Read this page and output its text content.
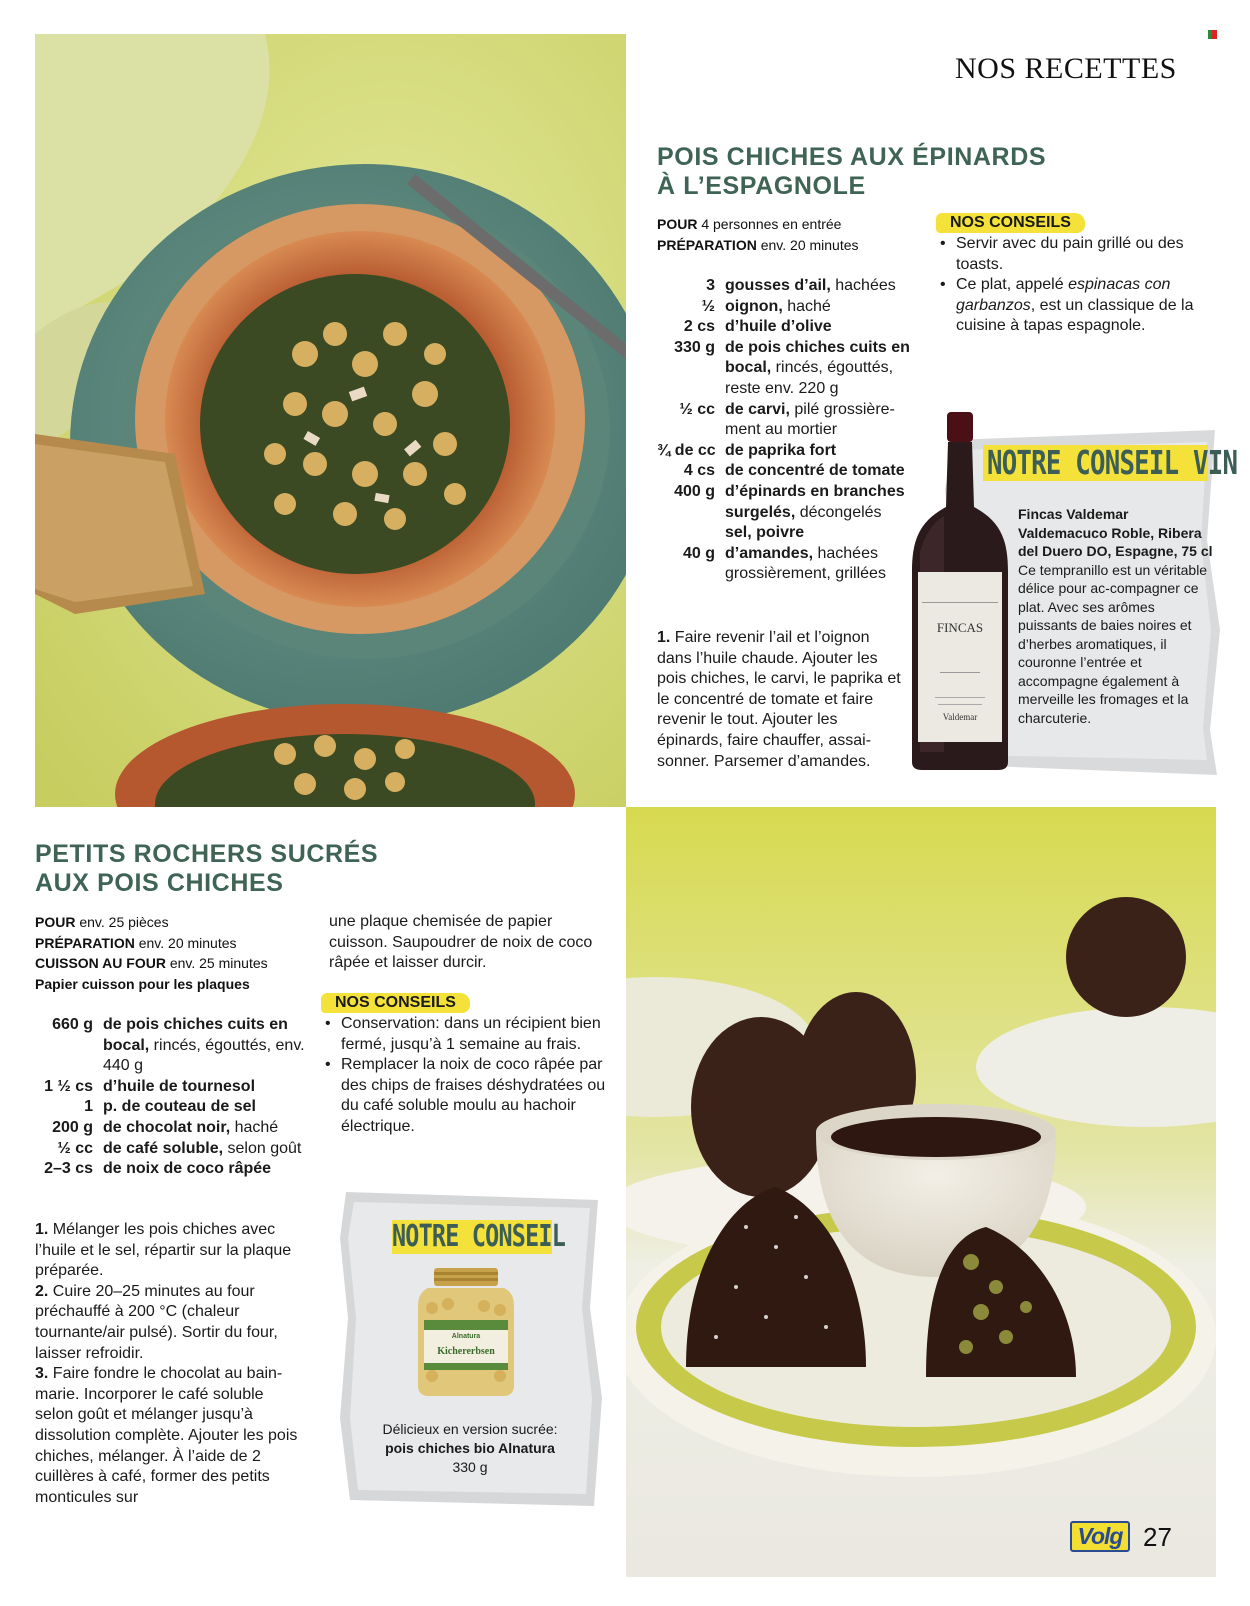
NOS RECETTES
POIS CHICHES AUX ÉPINARDS
À L’ESPAGNOLE
POUR 4 personnes en entrée
PRÉPARATION env. 20 minutes
3 gousses d’ail, hachées
½ oignon, haché
2 cs d’huile d’olive
330 g de pois chiches cuits en bocal, rincés, égouttés, reste env. 220 g
½ cc de carvi, pilé grossière-ment au mortier
¾ de cc de paprika fort
4 cs de concentré de tomate
400 g d’épinards en branches surgelés, décongelés
sel, poivre
40 g d’amandes, hachées grossièrement, grillées

1. Faire revenir l’ail et l’oignon dans l’huile chaude. Ajouter les pois chiches, le carvi, le paprika et le concentré de tomate et faire revenir le tout. Ajouter les épinards, faire chauffer, assai-sonner. Parsemer d’amandes.

NOS CONSEILS
• Servir avec du pain grillé ou des toasts.
• Ce plat, appelé espinacas con garbanzos, est un classique de la cuisine à tapas espagnole.
NOTRE CONSEIL VIN
FINCAS
Valdemar
Fincas Valdemar Valdemacuco Roble, Ribera del Duero DO, Espagne, 75 cl
Ce tempranillo est un véritable délice pour ac-compagner ce plat. Avec ses arômes puissants de baies noires et d’herbes aromatiques, il couronne l’entrée et accompagne également à merveille les fromages et la charcuterie.
PETITS ROCHERS SUCRÉS
AUX POIS CHICHES
POUR env. 25 pièces
PRÉPARATION env. 20 minutes
CUISSON AU FOUR env. 25 minutes
Papier cuisson pour les plaques
660 g de pois chiches cuits en bocal, rincés, égouttés, env. 440 g
1 ½ cs d’huile de tournesol
1 p. de couteau de sel
200 g de chocolat noir, haché
½ cc de café soluble, selon goût
2–3 cs de noix de coco râpée

1. Mélanger les pois chiches avec l’huile et le sel, répartir sur la plaque préparée.

2. Cuire 20–25 minutes au four préchauffé à 200 °C (chaleur tournante/air pulsé). Sortir du four, laisser refroidir.

3. Faire fondre le chocolat au bain-marie. Incorporer le café soluble selon goût et mélanger jusqu’à dissolution complète. Ajouter les pois chiches, mélanger. À l’aide de 2 cuillères à café, former des petits monticules sur

une plaque chemisée de papier cuisson. Saupoudrer de noix de coco râpée et laisser durcir.

NOS CONSEILS
• Conservation: dans un récipient bien fermé, jusqu’à 1 semaine au frais.
• Remplacer la noix de coco râpée par des chips de fraises déshydratées ou du café soluble moulu au hachoir électrique.
NOTRE CONSEIL
Alnatura
Kichererbsen
Délicieux en version sucrée:
pois chiches bio Alnatura
330 g
Volg 27
